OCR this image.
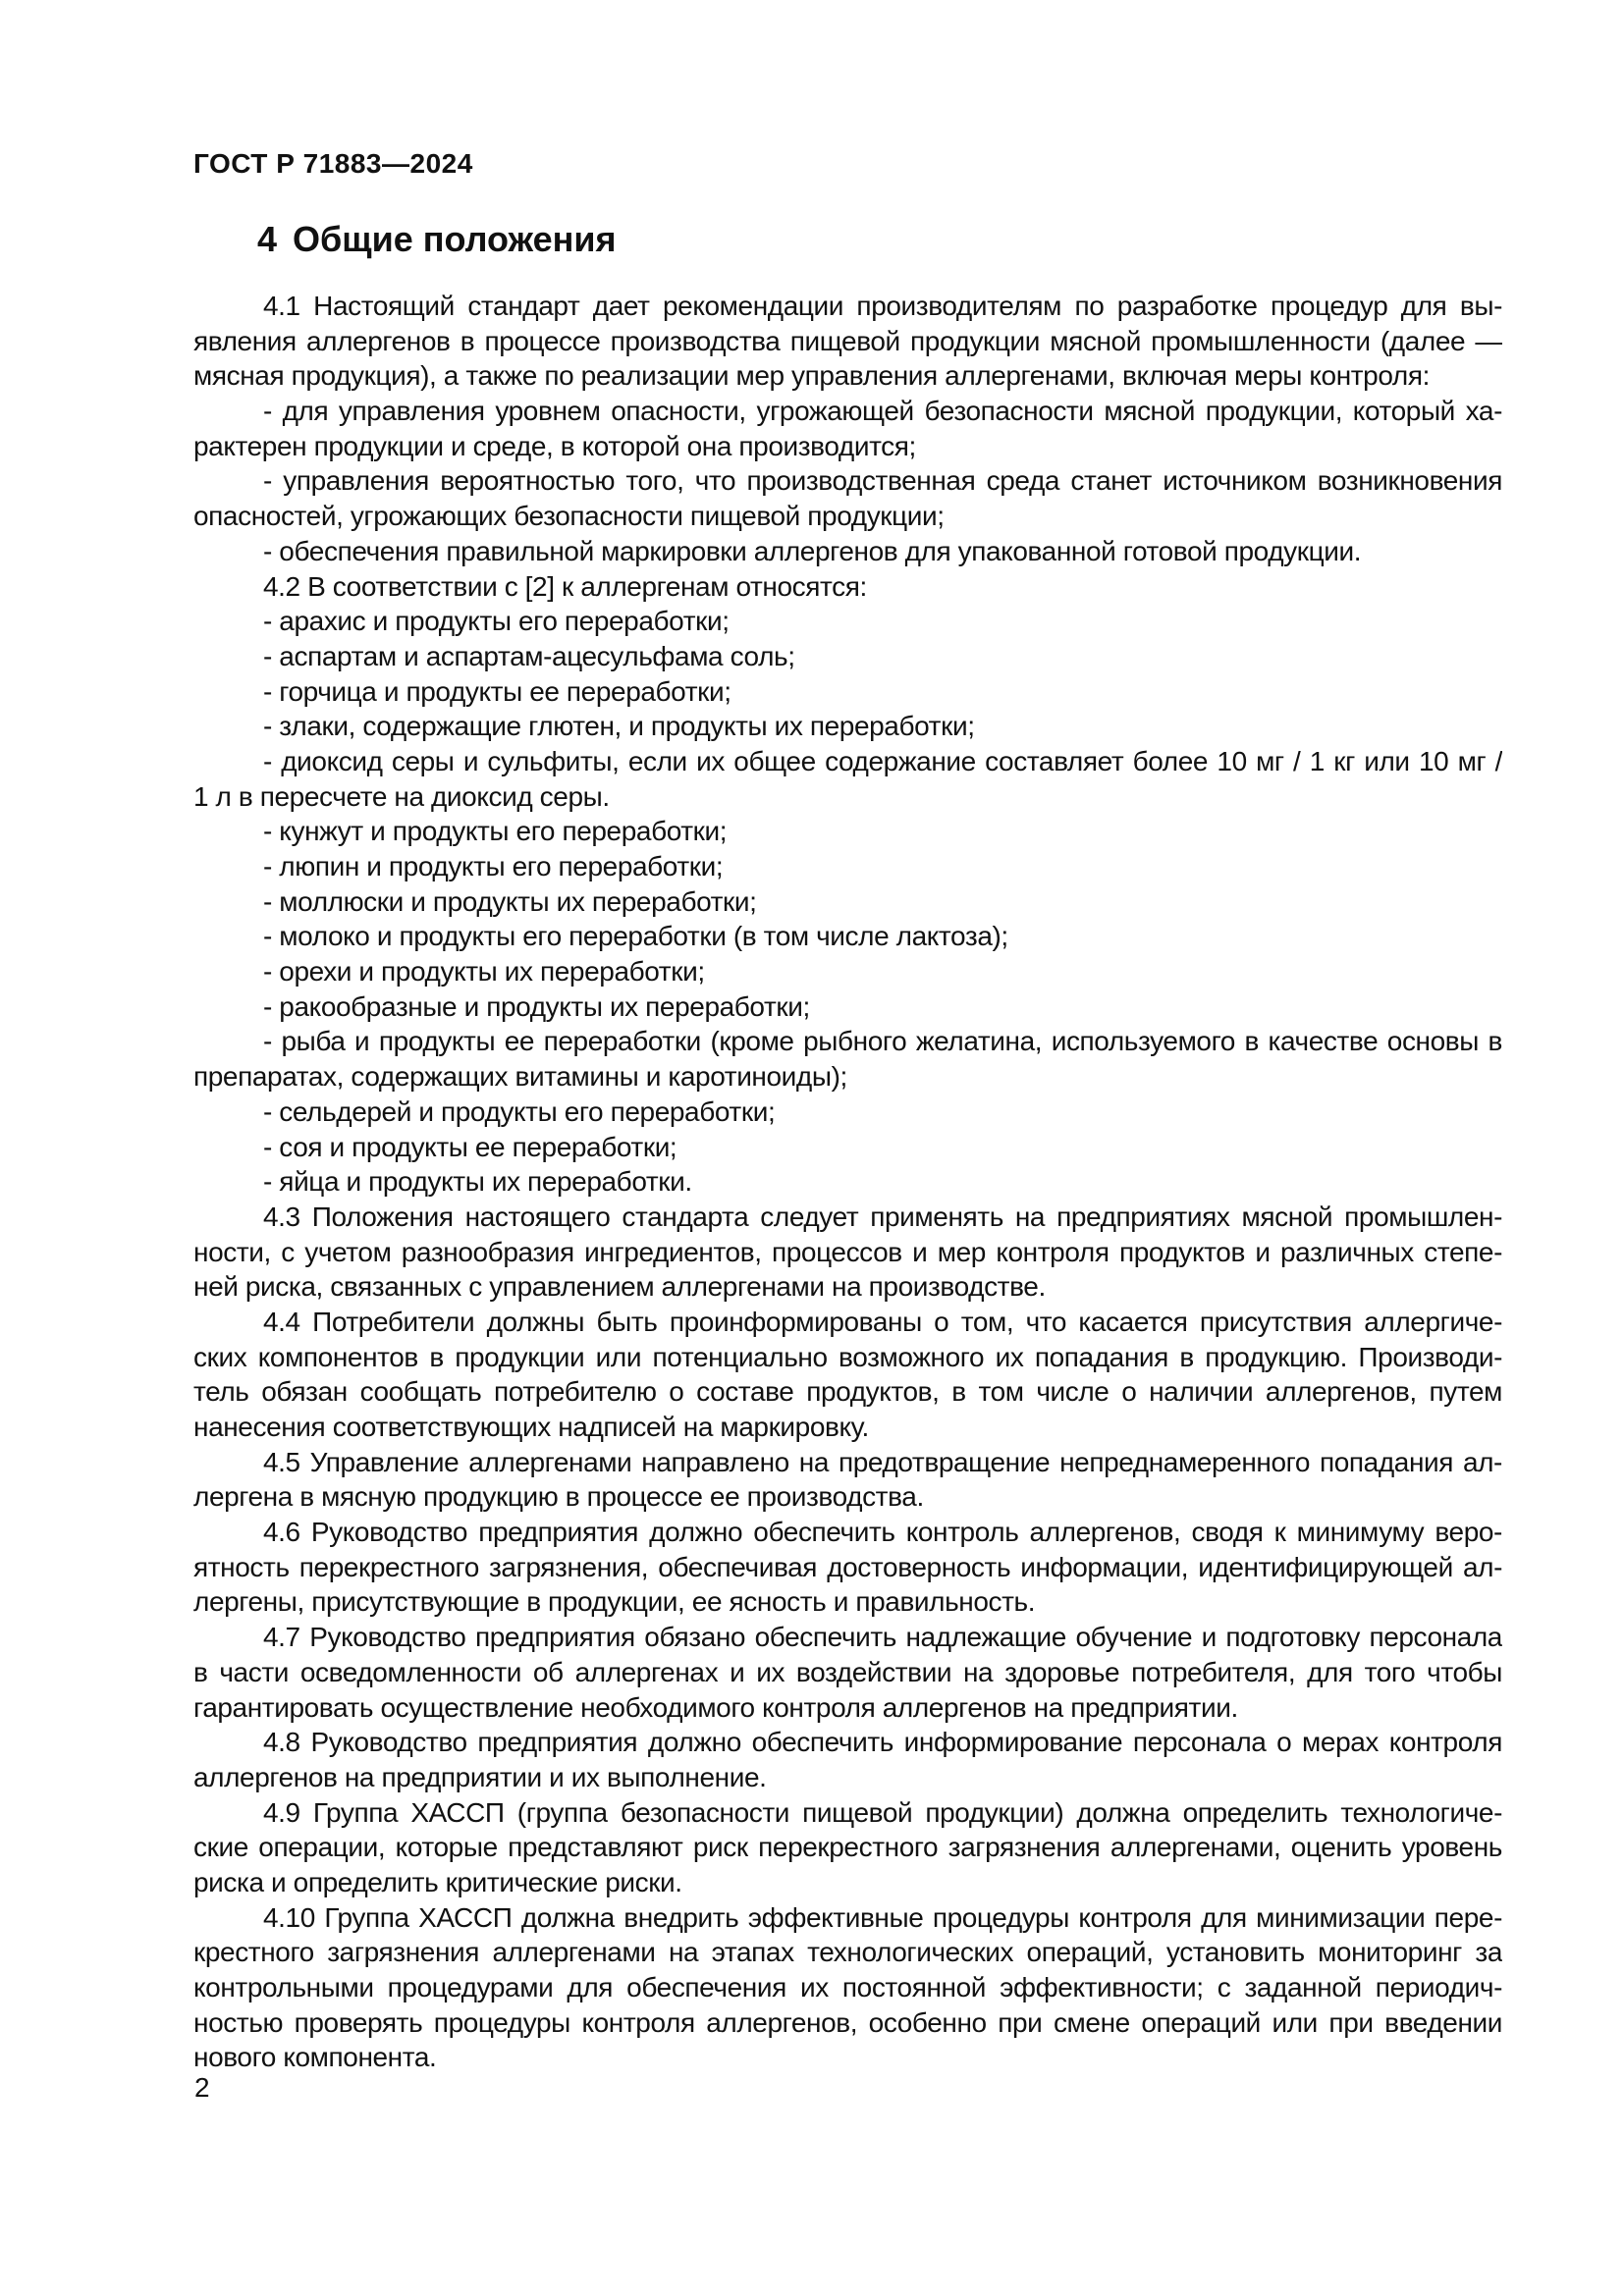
ГОСТ Р 71883—2024
4 Общие положения
4.1 Настоящий стандарт дает рекомендации производителям по разработке процедур для вы-
явления аллергенов в процессе производства пищевой продукции мясной промышленности (далее —
мясная продукция), а также по реализации мер управления аллергенами, включая меры контроля:
- для управления уровнем опасности, угрожающей безопасности мясной продукции, который ха-
рактерен продукции и среде, в которой она производится;
- управления вероятностью того, что производственная среда станет источником возникновения
опасностей, угрожающих безопасности пищевой продукции;
- обеспечения правильной маркировки аллергенов для упакованной готовой продукции.
4.2 В соответствии с [2] к аллергенам относятся:
- арахис и продукты его переработки;
- аспартам и аспартам-ацесульфама соль;
- горчица и продукты ее переработки;
- злаки, содержащие глютен, и продукты их переработки;
- диоксид серы и сульфиты, если их общее содержание составляет более 10 мг / 1 кг или 10 мг /
1 л в пересчете на диоксид серы.
- кунжут и продукты его переработки;
- люпин и продукты его переработки;
- моллюски и продукты их переработки;
- молоко и продукты его переработки (в том числе лактоза);
- орехи и продукты их переработки;
- ракообразные и продукты их переработки;
- рыба и продукты ее переработки (кроме рыбного желатина, используемого в качестве основы в
препаратах, содержащих витамины и каротиноиды);
- сельдерей и продукты его переработки;
- соя и продукты ее переработки;
- яйца и продукты их переработки.
4.3 Положения настоящего стандарта следует применять на предприятиях мясной промышлен-
ности, с учетом разнообразия ингредиентов, процессов и мер контроля продуктов и различных степе-
ней риска, связанных с управлением аллергенами на производстве.
4.4 Потребители должны быть проинформированы о том, что касается присутствия аллергиче-
ских компонентов в продукции или потенциально возможного их попадания в продукцию. Производи-
тель обязан сообщать потребителю о составе продуктов, в том числе о наличии аллергенов, путем
нанесения соответствующих надписей на маркировку.
4.5 Управление аллергенами направлено на предотвращение непреднамеренного попадания ал-
лергена в мясную продукцию в процессе ее производства.
4.6 Руководство предприятия должно обеспечить контроль аллергенов, сводя к минимуму веро-
ятность перекрестного загрязнения, обеспечивая достоверность информации, идентифицирующей ал-
лергены, присутствующие в продукции, ее ясность и правильность.
4.7 Руководство предприятия обязано обеспечить надлежащие обучение и подготовку персонала
в части осведомленности об аллергенах и их воздействии на здоровье потребителя, для того чтобы
гарантировать осуществление необходимого контроля аллергенов на предприятии.
4.8 Руководство предприятия должно обеспечить информирование персонала о мерах контроля
аллергенов на предприятии и их выполнение.
4.9 Группа ХАССП (группа безопасности пищевой продукции) должна определить технологиче-
ские операции, которые представляют риск перекрестного загрязнения аллергенами, оценить уровень
риска и определить критические риски.
4.10 Группа ХАССП должна внедрить эффективные процедуры контроля для минимизации пере-
крестного загрязнения аллергенами на этапах технологических операций, установить мониторинг за
контрольными процедурами для обеспечения их постоянной эффективности; с заданной периодич-
ностью проверять процедуры контроля аллергенов, особенно при смене операций или при введении
нового компонента.
2
